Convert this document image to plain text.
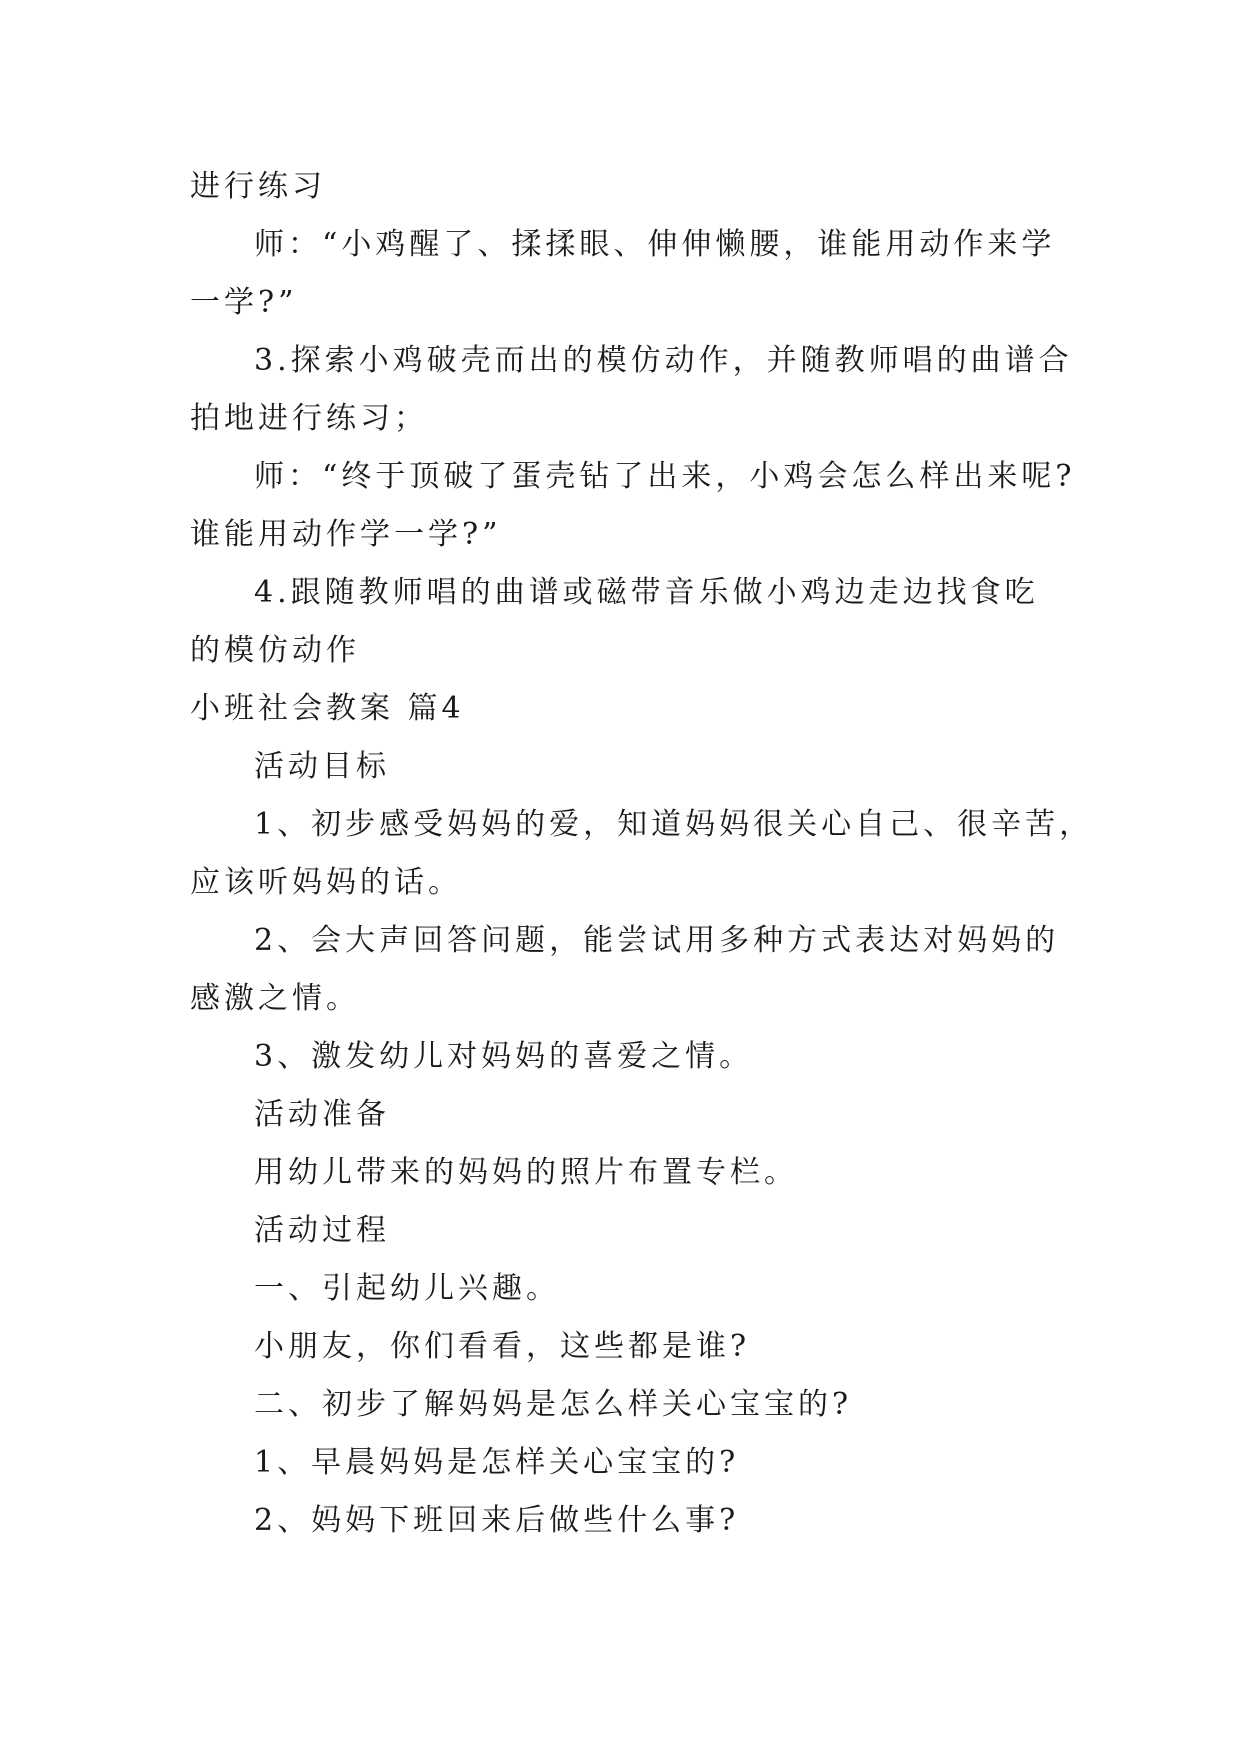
进行练习
师：“小鸡醒了、揉揉眼、伸伸懒腰，谁能用动作来学
一学?”
3.探索小鸡破壳而出的模仿动作，并随教师唱的曲谱合
拍地进行练习；
师：“终于顶破了蛋壳钻了出来，小鸡会怎么样出来呢?
谁能用动作学一学?”
4.跟随教师唱的曲谱或磁带音乐做小鸡边走边找食吃
的模仿动作
小班社会教案 篇4
活动目标
1、初步感受妈妈的爱，知道妈妈很关心自己、很辛苦，
应该听妈妈的话。
2、会大声回答问题，能尝试用多种方式表达对妈妈的
感激之情。
3、激发幼儿对妈妈的喜爱之情。
活动准备
用幼儿带来的妈妈的照片布置专栏。
活动过程
一、引起幼儿兴趣。
小朋友，你们看看，这些都是谁?
二、初步了解妈妈是怎么样关心宝宝的?
1、早晨妈妈是怎样关心宝宝的?
2、妈妈下班回来后做些什么事?
